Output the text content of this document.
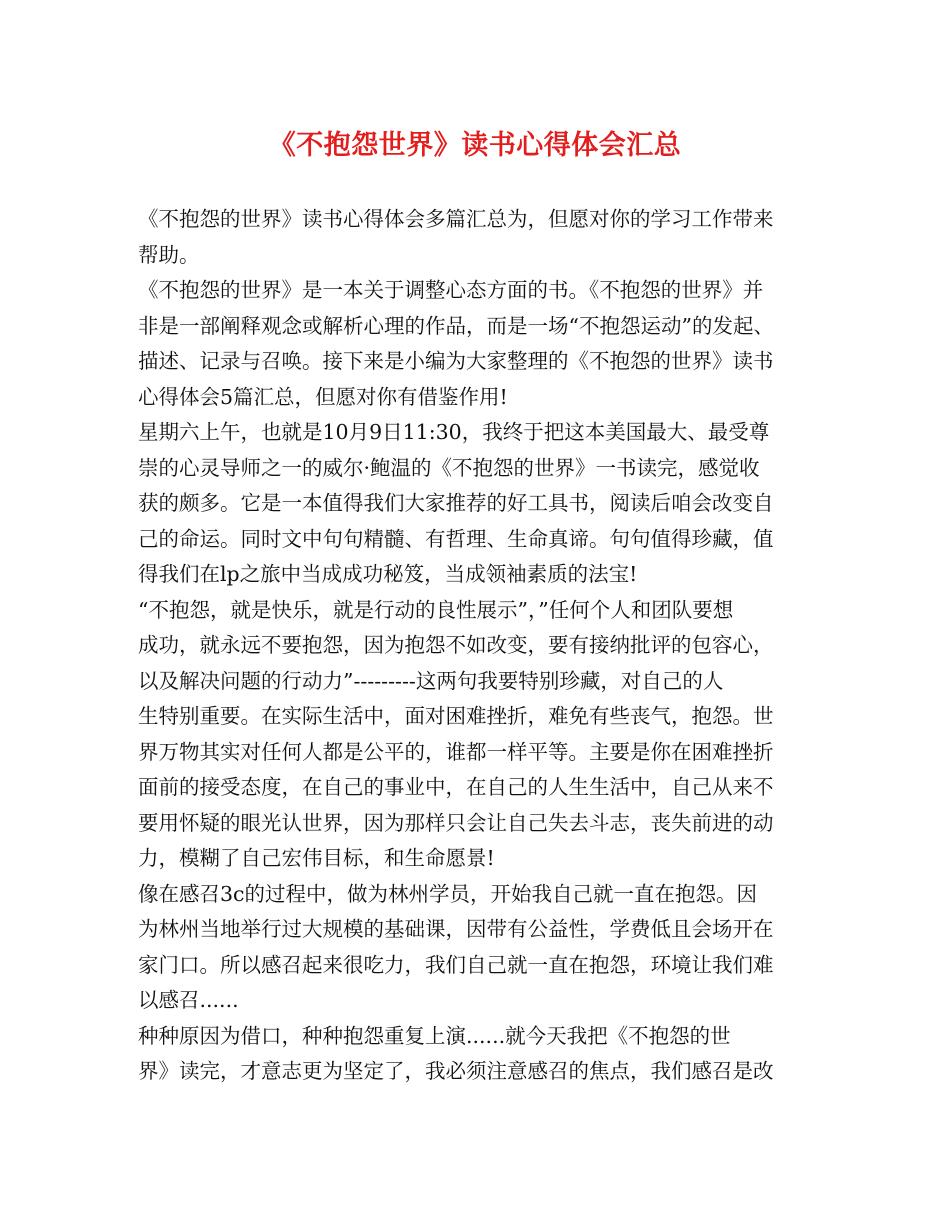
《不抱怨世界》读书心得体会汇总
《不抱怨的世界》读书心得体会多篇汇总为，但愿对你的学习工作带来
帮助。
《不抱怨的世界》是一本关于调整心态方面的书。《不抱怨的世界》并
非是一部阐释观念或解析心理的作品，而是一场“不抱怨运动”的发起、
描述、记录与召唤。接下来是小编为大家整理的《不抱怨的世界》读书
心得体会5篇汇总，但愿对你有借鉴作用!
星期六上午，也就是10月9日11:30，我终于把这本美国最大、最受尊
崇的心灵导师之一的威尔·鲍温的《不抱怨的世界》一书读完，感觉收
获的颇多。它是一本值得我们大家推荐的好工具书，阅读后咱会改变自
己的命运。同时文中句句精髓、有哲理、生命真谛。句句值得珍藏，值
得我们在lp之旅中当成成功秘笈，当成领袖素质的法宝!
“不抱怨，就是快乐，就是行动的良性展示”，”任何个人和团队要想
成功，就永远不要抱怨，因为抱怨不如改变，要有接纳批评的包容心，
以及解决问题的行动力”---------这两句我要特别珍藏，对自己的人
生特别重要。在实际生活中，面对困难挫折，难免有些丧气，抱怨。世
界万物其实对任何人都是公平的，谁都一样平等。主要是你在困难挫折
面前的接受态度，在自己的事业中，在自己的人生生活中，自己从来不
要用怀疑的眼光认世界，因为那样只会让自己失去斗志，丧失前进的动
力，模糊了自己宏伟目标，和生命愿景!
像在感召3c的过程中，做为林州学员，开始我自己就一直在抱怨。因
为林州当地举行过大规模的基础课，因带有公益性，学费低且会场开在
家门口。所以感召起来很吃力，我们自己就一直在抱怨，环境让我们难
以感召......
种种原因为借口，种种抱怨重复上演......就今天我把《不抱怨的世
界》读完，才意志更为坚定了，我必须注意感召的焦点，我们感召是改
